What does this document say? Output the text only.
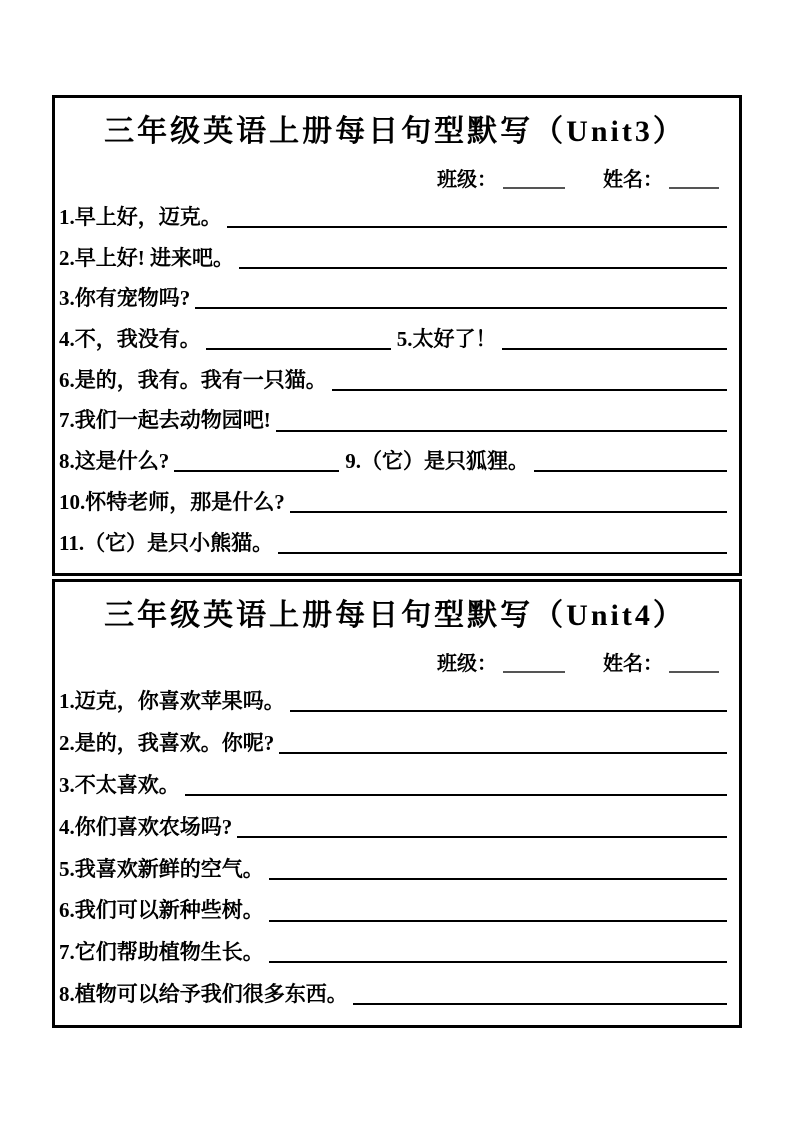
三年级英语上册每日句型默写（Unit3）
班级：	姓名：
1.早上好，迈克。
2.早上好! 进来吧。
3.你有宠物吗?
4.不，我没有。	5.太好了！
6.是的，我有。我有一只猫。
7.我们一起去动物园吧!
8.这是什么?	9.（它）是只狐狸。
10.怀特老师，那是什么?
11.（它）是只小熊猫。
三年级英语上册每日句型默写（Unit4）
班级：	姓名：
1.迈克，你喜欢苹果吗。
2.是的，我喜欢。你呢?
3.不太喜欢。
4.你们喜欢农场吗?
5.我喜欢新鲜的空气。
6.我们可以新种些树。
7.它们帮助植物生长。
8.植物可以给予我们很多东西。
